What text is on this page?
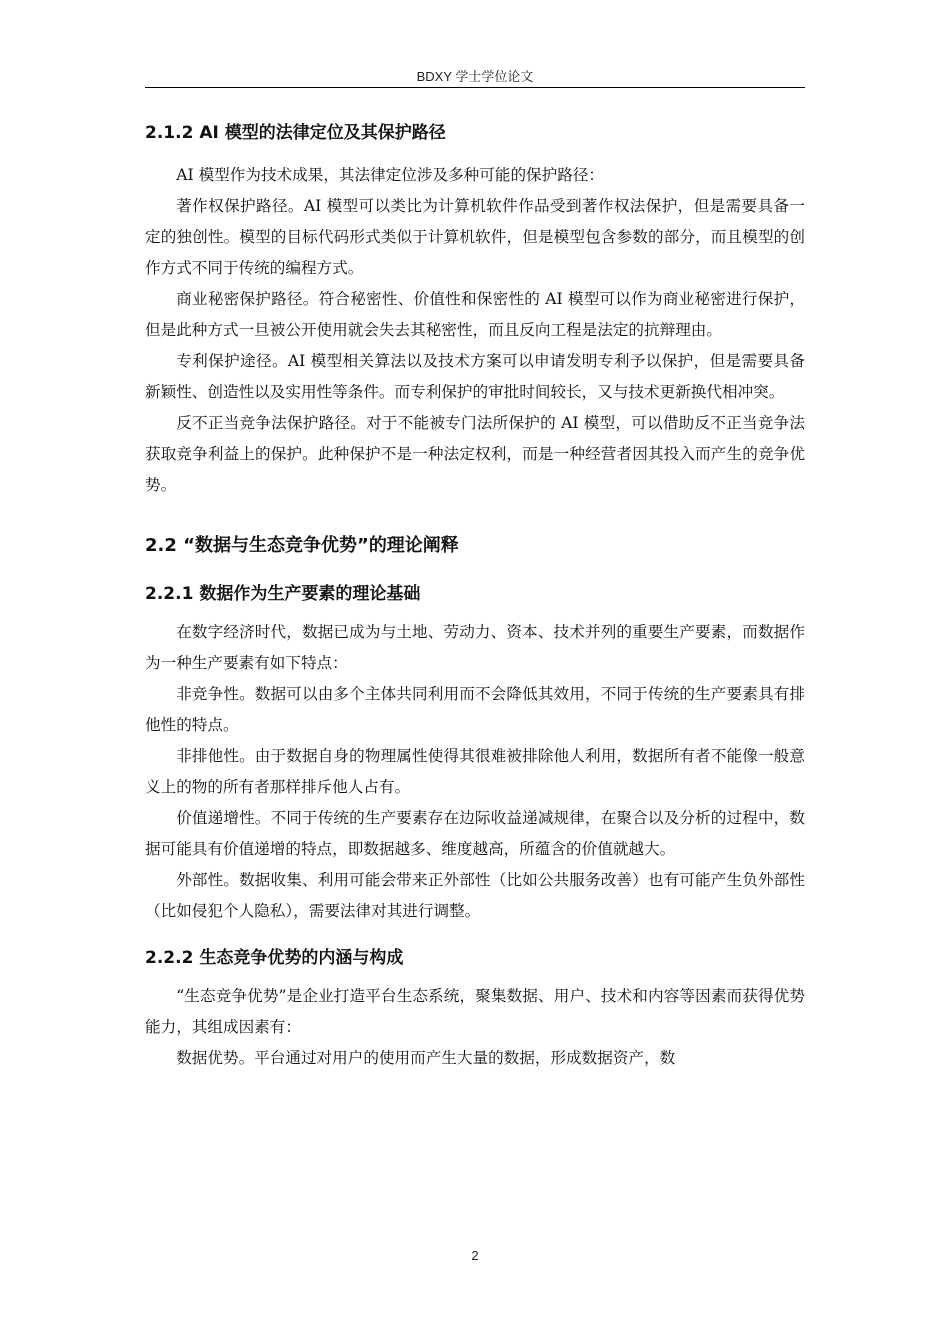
BDXY 学士学位论文
2.1.2 AI 模型的法律定位及其保护路径

AI 模型作为技术成果，其法律定位涉及多种可能的保护路径：

著作权保护路径。AI 模型可以类比为计算机软件作品受到著作权法保护，但是需要具备一定的独创性。模型的目标代码形式类似于计算机软件，但是模型包含参数的部分，而且模型的创作方式不同于传统的编程方式。

商业秘密保护路径。符合秘密性、价值性和保密性的 AI 模型可以作为商业秘密进行保护，但是此种方式一旦被公开使用就会失去其秘密性，而且反向工程是法定的抗辩理由。

专利保护途径。AI 模型相关算法以及技术方案可以申请发明专利予以保护，但是需要具备新颖性、创造性以及实用性等条件。而专利保护的审批时间较长，又与技术更新换代相冲突。

反不正当竞争法保护路径。对于不能被专门法所保护的 AI 模型，可以借助反不正当竞争法获取竞争利益上的保护。此种保护不是一种法定权利，而是一种经营者因其投入而产生的竞争优势。

2.2 “数据与生态竞争优势”的理论阐释
2.2.1 数据作为生产要素的理论基础

在数字经济时代，数据已成为与土地、劳动力、资本、技术并列的重要生产要素，而数据作为一种生产要素有如下特点：

非竞争性。数据可以由多个主体共同利用而不会降低其效用，不同于传统的生产要素具有排他性的特点。

非排他性。由于数据自身的物理属性使得其很难被排除他人利用，数据所有者不能像一般意义上的物的所有者那样排斥他人占有。

价值递增性。不同于传统的生产要素存在边际收益递减规律，在聚合以及分析的过程中，数据可能具有价值递增的特点，即数据越多、维度越高，所蕴含的价值就越大。

外部性。数据收集、利用可能会带来正外部性（比如公共服务改善）也有可能产生负外部性（比如侵犯个人隐私），需要法律对其进行调整。

2.2.2 生态竞争优势的内涵与构成

“生态竞争优势”是企业打造平台生态系统，聚集数据、用户、技术和内容等因素而获得优势能力，其组成因素有：

数据优势。平台通过对用户的使用而产生大量的数据，形成数据资产，数

2
